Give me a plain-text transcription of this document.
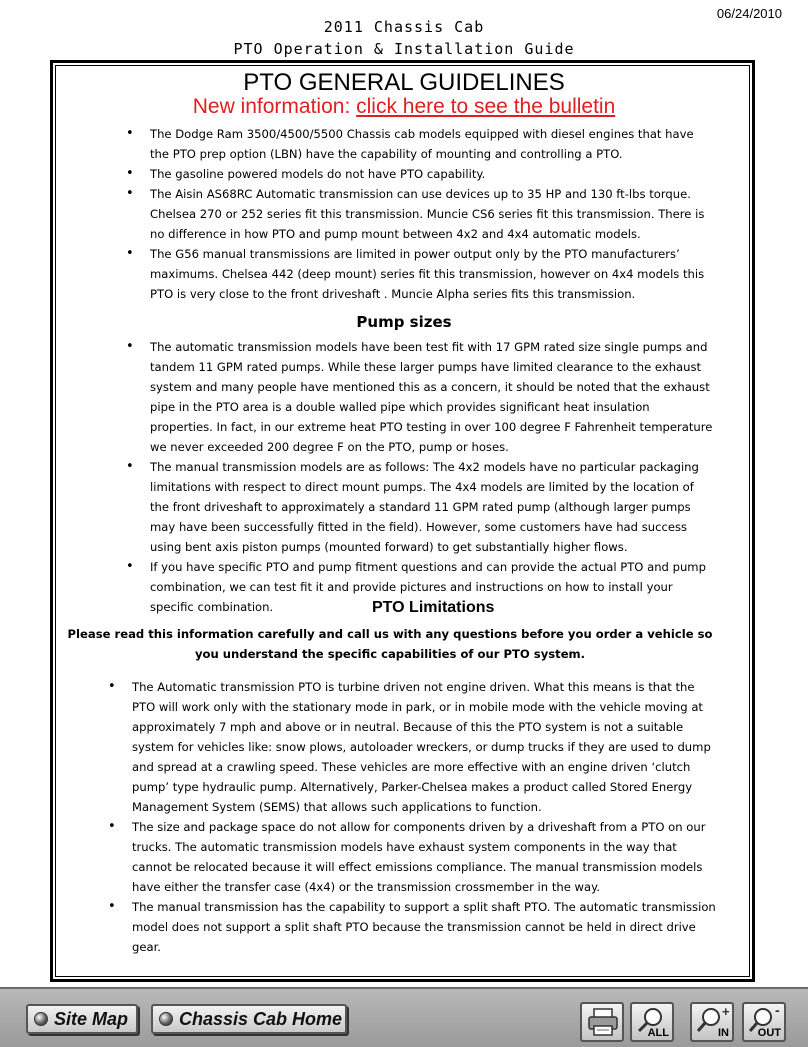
06/24/2010
2011 Chassis Cab
PTO Operation & Installation Guide
PTO GENERAL GUIDELINES
New information: click here to see the bulletin
• The Dodge Ram 3500/4500/5500 Chassis cab models equipped with diesel engines that have the PTO prep option (LBN) have the capability of mounting and controlling a PTO.
• The gasoline powered models do not have PTO capability.
• The Aisin AS68RC Automatic transmission can use devices up to 35 HP and 130 ft-lbs torque. Chelsea 270 or 252 series fit this transmission. Muncie CS6 series fit this transmission. There is no difference in how PTO and pump mount between 4x2 and 4x4 automatic models.
• The G56 manual transmissions are limited in power output only by the PTO manufacturers’ maximums. Chelsea 442 (deep mount) series fit this transmission, however on 4x4 models this PTO is very close to the front driveshaft . Muncie Alpha series fits this transmission.
Pump sizes
• The automatic transmission models have been test fit with 17 GPM rated size single pumps and tandem 11 GPM rated pumps. While these larger pumps have limited clearance to the exhaust system and many people have mentioned this as a concern, it should be noted that the exhaust pipe in the PTO area is a double walled pipe which provides significant heat insulation properties. In fact, in our extreme heat PTO testing in over 100 degree F Fahrenheit temperature we never exceeded 200 degree F on the PTO, pump or hoses.
• The manual transmission models are as follows: The 4x2 models have no particular packaging limitations with respect to direct mount pumps. The 4x4 models are limited by the location of the front driveshaft to approximately a standard 11 GPM rated pump (although larger pumps may have been successfully fitted in the field). However, some customers have had success using bent axis piston pumps (mounted forward) to get substantially higher flows.
• If you have specific PTO and pump fitment questions and can provide the actual PTO and pump combination, we can test fit it and provide pictures and instructions on how to install your specific combination.	PTO Limitations
Please read this information carefully and call us with any questions before you order a vehicle so you understand the specific capabilities of our PTO system.
• The Automatic transmission PTO is turbine driven not engine driven. What this means is that the PTO will work only with the stationary mode in park, or in mobile mode with the vehicle moving at approximately 7 mph and above or in neutral. Because of this the PTO system is not a suitable system for vehicles like: snow plows, autoloader wreckers, or dump trucks if they are used to dump and spread at a crawling speed. These vehicles are more effective with an engine driven ‘clutch pump’ type hydraulic pump. Alternatively, Parker-Chelsea makes a product called Stored Energy Management System (SEMS) that allows such applications to function.
• The size and package space do not allow for components driven by a driveshaft from a PTO on our trucks. The automatic transmission models have exhaust system components in the way that cannot be relocated because it will effect emissions compliance. The manual transmission models have either the transfer case (4x4) or the transmission crossmember in the way.
• The manual transmission has the capability to support a split shaft PTO. The automatic transmission model does not support a split shaft PTO because the transmission cannot be held in direct drive gear.
Site Map	Chassis Cab Home
ALL
+
IN
-
OUT
